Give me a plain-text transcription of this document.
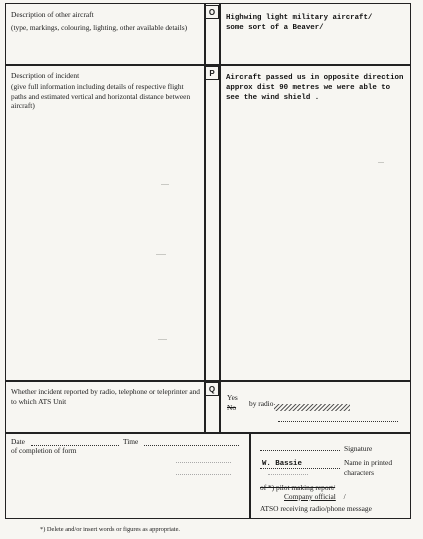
Description of other aircraft
(type, markings, colouring, lighting, other available details)
O
Highwing light military aircraft/
some sort of a Beaver/
Description of incident
(give full information including details of respective flight paths and estimated vertical and horizontal distance between aircraft)
P
Aircraft passed us in opposite direction
approx dist 90 metres we were able to
see the wind shield .
Whether incident reported by radio, telephone or teleprinter and to which ATS Unit
Q
Yes
No by radio
Date	Time
of completion of form	Signature
W. Bassie	Name in printed characters
of *) pilot making report/
Company official /
ATSO receiving radio/phone message
*) Delete and/or insert words or figures as appropriate.
